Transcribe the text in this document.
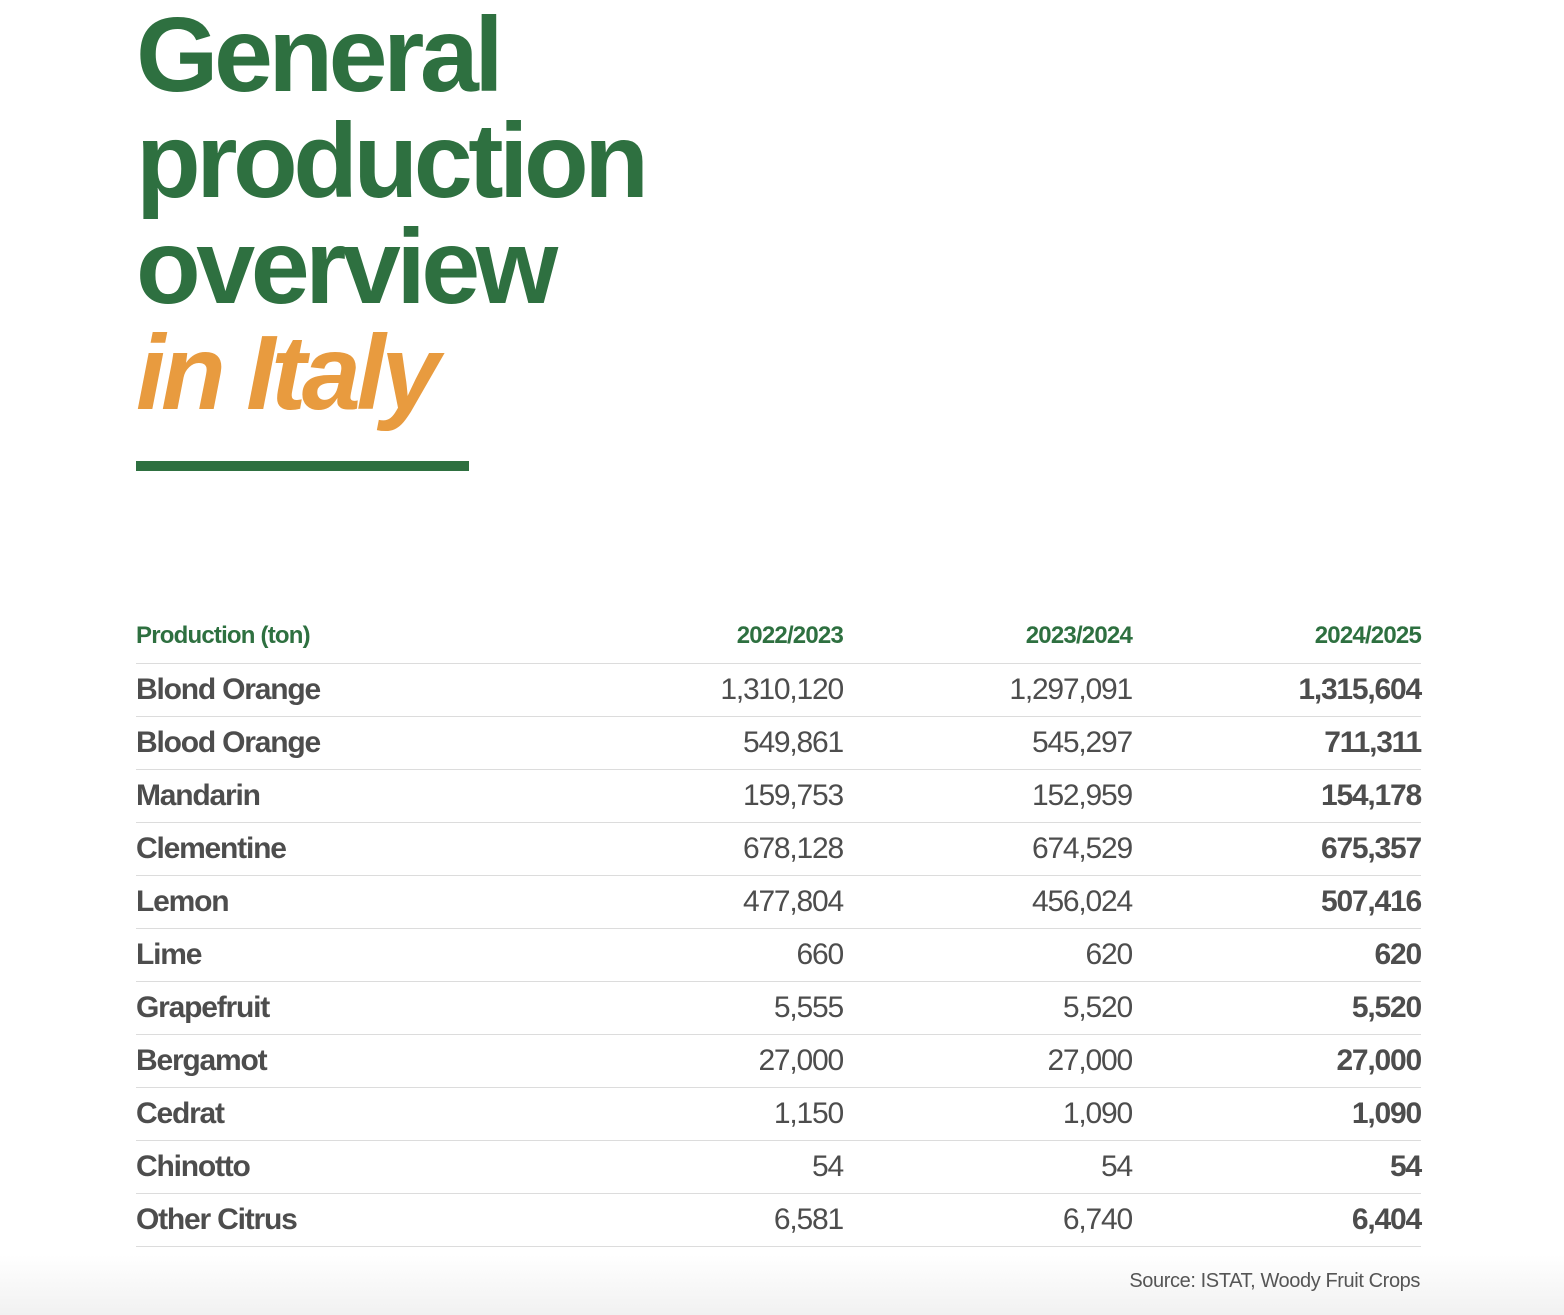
General
production
overview
in Italy
Production (ton)	2022/2023	2023/2024	2024/2025
Blond Orange	1,310,120	1,297,091	1,315,604
Blood Orange	549,861	545,297	711,311
Mandarin	159,753	152,959	154,178
Clementine	678,128	674,529	675,357
Lemon	477,804	456,024	507,416
Lime	660	620	620
Grapefruit	5,555	5,520	5,520
Bergamot	27,000	27,000	27,000
Cedrat	1,150	1,090	1,090
Chinotto	54	54	54
Other Citrus	6,581	6,740	6,404
Source: ISTAT, Woody Fruit Crops
